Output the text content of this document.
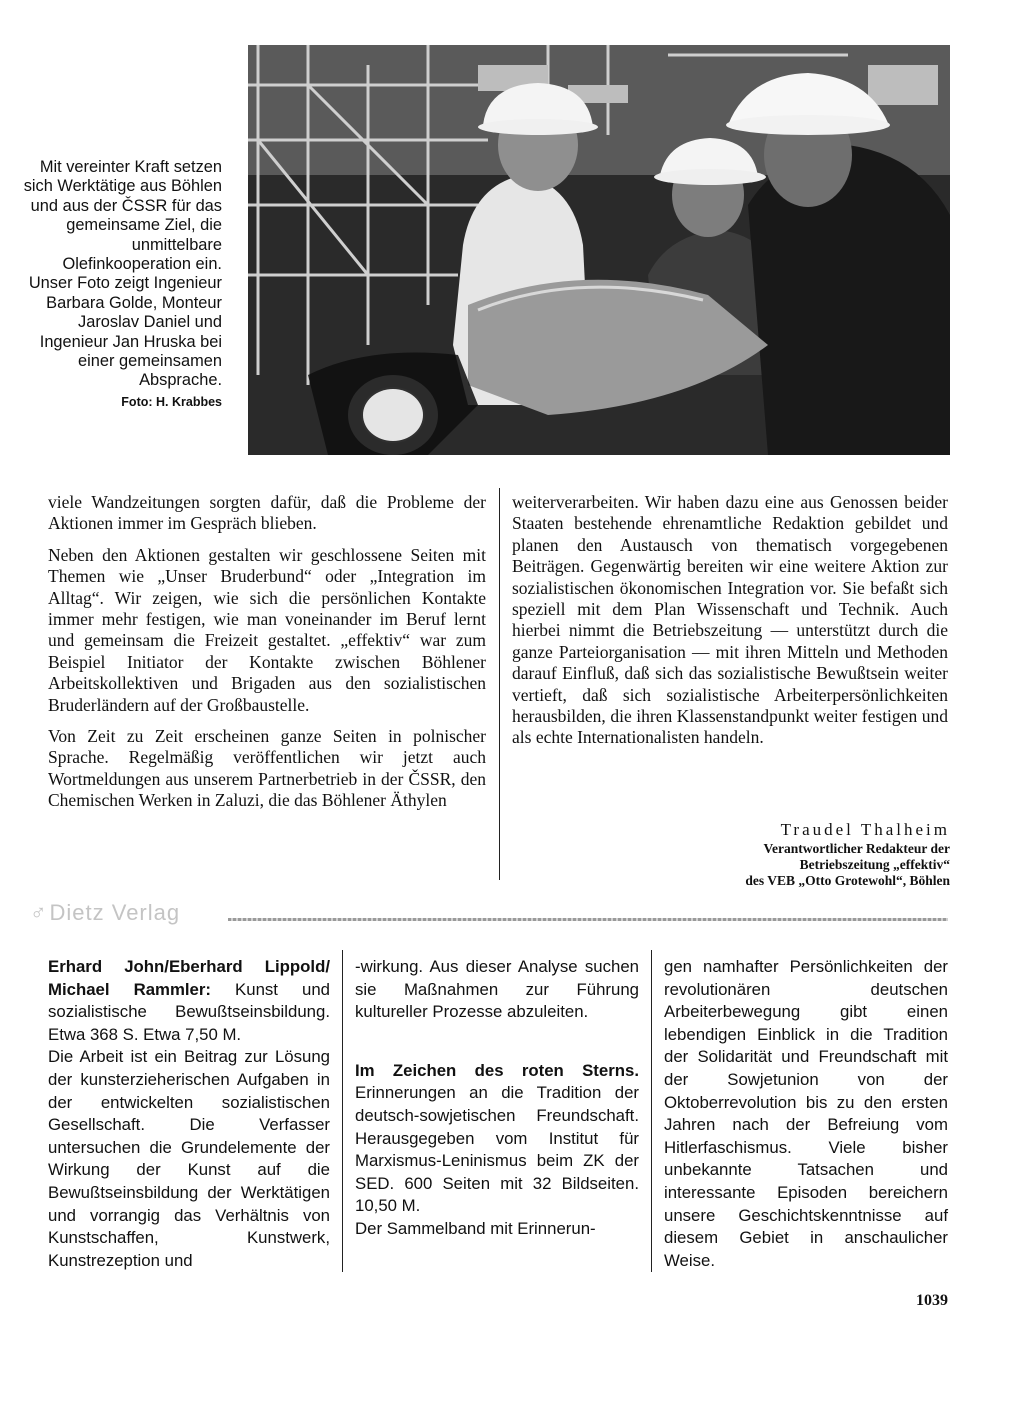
Mit vereinter Kraft setzen sich Werktätige aus Böhlen und aus der ČSSR für das gemeinsame Ziel, die unmittelbare Olefinkooperation ein. Unser Foto zeigt Ingenieur Barbara Golde, Monteur Jaroslav Daniel und Ingenieur Jan Hruska bei einer gemeinsamen Absprache.
Foto: H. Krabbes

viele Wandzeitungen sorgten dafür, daß die Probleme der Aktionen immer im Gespräch blieben.

Neben den Aktionen gestalten wir geschlossene Seiten mit Themen wie „Unser Bruderbund“ oder „Integration im Alltag“. Wir zeigen, wie sich die persönlichen Kontakte immer mehr festigen, wie man voneinander im Beruf lernt und gemeinsam die Freizeit gestaltet. „effektiv“ war zum Beispiel Initiator der Kontakte zwischen Böhlener Arbeitskollektiven und Brigaden aus den sozialistischen Bruderländern auf der Großbaustelle.

Von Zeit zu Zeit erscheinen ganze Seiten in polnischer Sprache. Regelmäßig veröffentlichen wir jetzt auch Wortmeldungen aus unserem Partnerbetrieb in der ČSSR, den Chemischen Werken in Zaluzi, die das Böhlener Äthylen

weiterverarbeiten. Wir haben dazu eine aus Genossen beider Staaten bestehende ehrenamtliche Redaktion gebildet und planen den Austausch von thematisch vorgegebenen Beiträgen. Gegenwärtig bereiten wir eine weitere Aktion zur sozialistischen ökonomischen Integration vor. Sie befaßt sich speziell mit dem Plan Wissenschaft und Technik. Auch hierbei nimmt die Betriebszeitung — unterstützt durch die ganze Parteiorganisation — mit ihren Mitteln und Methoden darauf Einfluß, daß sich das sozialistische Bewußtsein weiter vertieft, daß sich sozialistische Arbeiterpersönlichkeiten herausbilden, die ihren Klassenstandpunkt weiter festigen und als echte Internationalisten handeln.

Traudel Thalheim
Verantwortlicher Redakteur der
Betriebszeitung „effektiv“
des VEB „Otto Grotewohl“, Böhlen
♂Dietz Verlag

Erhard John/Eberhard Lippold/ Michael Rammler: Kunst und sozialistische Bewußtseinsbildung. Etwa 368 S. Etwa 7,50 M.

Die Arbeit ist ein Beitrag zur Lösung der kunsterzieherischen Aufgaben in der entwickelten sozialistischen Gesellschaft. Die Verfasser untersuchen die Grundelemente der Wirkung der Kunst auf die Bewußtseinsbildung der Werktätigen und vorrangig das Verhältnis von Kunstschaffen, Kunstwerk, Kunstrezeption und

-wirkung. Aus dieser Analyse suchen sie Maßnahmen zur Führung kultureller Prozesse abzuleiten.

Im Zeichen des roten Sterns. Erinnerungen an die Tradition der deutsch-sowjetischen Freundschaft. Herausgegeben vom Institut für Marxismus-Leninismus beim ZK der SED. 600 Seiten mit 32 Bildseiten. 10,50 M.

Der Sammelband mit Erinnerun-

gen namhafter Persönlichkeiten der revolutionären deutschen Arbeiterbewegung gibt einen lebendigen Einblick in die Tradition der Solidarität und Freundschaft mit der Sowjetunion von der Oktoberrevolution bis zu den ersten Jahren nach der Befreiung vom Hitlerfaschismus. Viele bisher unbekannte Tatsachen und interessante Episoden bereichern unsere Geschichtskenntnisse auf diesem Gebiet in anschaulicher Weise.

1039
